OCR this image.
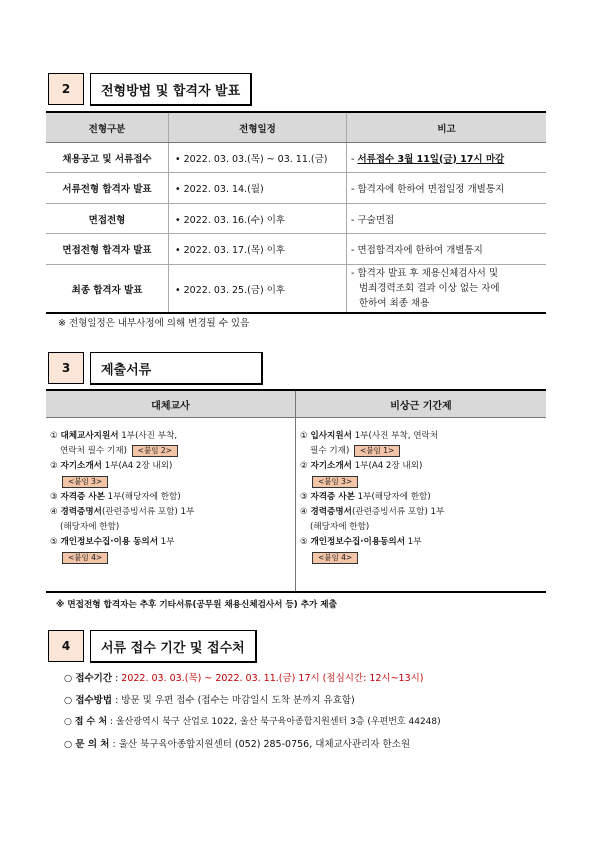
2	전형방법 및 합격자 발표
전형구분	전형일정	비고
채용공고 및 서류접수	• 2022. 03. 03.(목) ~ 03. 11.(금)	- 서류접수 3월 11일(금) 17시 마감
서류전형 합격자 발표	• 2022. 03. 14.(월)	- 합격자에 한하여 면접일정 개별통지
면접전형	• 2022. 03. 16.(수) 이후	- 구술면접
면접전형 합격자 발표	• 2022. 03. 17.(목) 이후	- 면접합격자에 한하여 개별통지
최종 합격자 발표	• 2022. 03. 25.(금) 이후	- 합격자 발표 후 채용신체검사서 및
범죄경력조회 결과 이상 없는 자에
한하여 최종 채용
※ 전형일정은 내부사정에 의해 변경될 수 있음
3	제출서류
대체교사	비상근 기간제
① 대체교사지원서 1부(사진 부착,
연락처 필수 기재) <붙임 2>
② 자기소개서 1부(A4 2장 내외)
<붙임 3>
③ 자격증 사본 1부(해당자에 한함)
④ 경력증명서(관련증빙서류 포함) 1부
(해당자에 한함)
⑤ 개인정보수집·이용 동의서 1부
<붙임 4>
① 입사지원서 1부(사진 부착, 연락처
필수 기재) <붙임 1>
② 자기소개서 1부(A4 2장 내외)
<붙임 3>
③ 자격증 사본 1부(해당자에 한함)
④ 경력증명서(관련증빙서류 포함) 1부
(해당자에 한함)
⑤ 개인정보수집·이용동의서 1부
<붙임 4>
※ 면접전형 합격자는 추후 기타서류(공무원 채용신체검사서 등) 추가 제출
4	서류 접수 기간 및 접수처
○ 접수기간 : 2022. 03. 03.(목) ~ 2022. 03. 11.(금) 17시 (점심시간: 12시~13시)
○ 접수방법 : 방문 및 우편 접수 (접수는 마감일시 도착 분까지 유효함)
○ 접 수 처 : 울산광역시 북구 산업로 1022, 울산 북구육아종합지원센터 3층 (우편번호 44248)
○ 문 의 처 : 울산 북구육아종합지원센터 (052) 285-0756, 대체교사관리자 한소원
